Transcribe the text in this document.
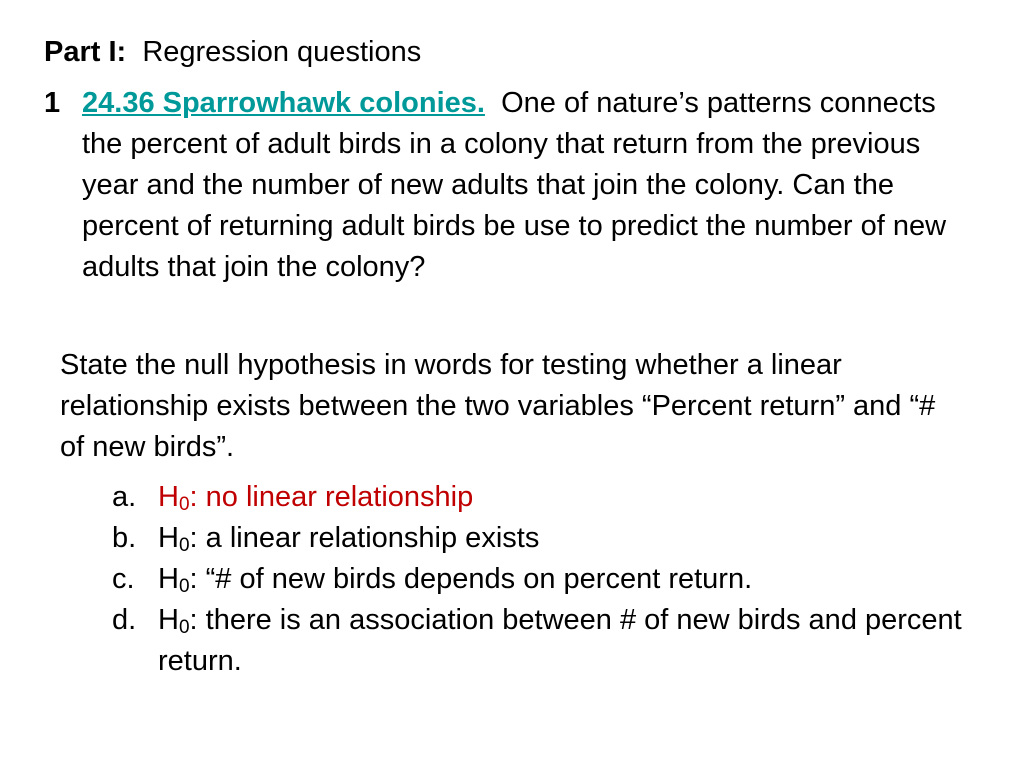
Part I: Regression questions
1 24.36 Sparrowhawk colonies. One of nature’s patterns connects the percent of adult birds in a colony that return from the previous year and the number of new adults that join the colony. Can the percent of returning adult birds be use to predict the number of new adults that join the colony?
State the null hypothesis in words for testing whether a linear relationship exists between the two variables “Percent return” and “# of new birds”.
a. $H_0$: no linear relationship
b. $H_0$: a linear relationship exists
c. $H_0$: “# of new birds depends on percent return.
d. $H_0$: there is an association between # of new birds and percent return.
